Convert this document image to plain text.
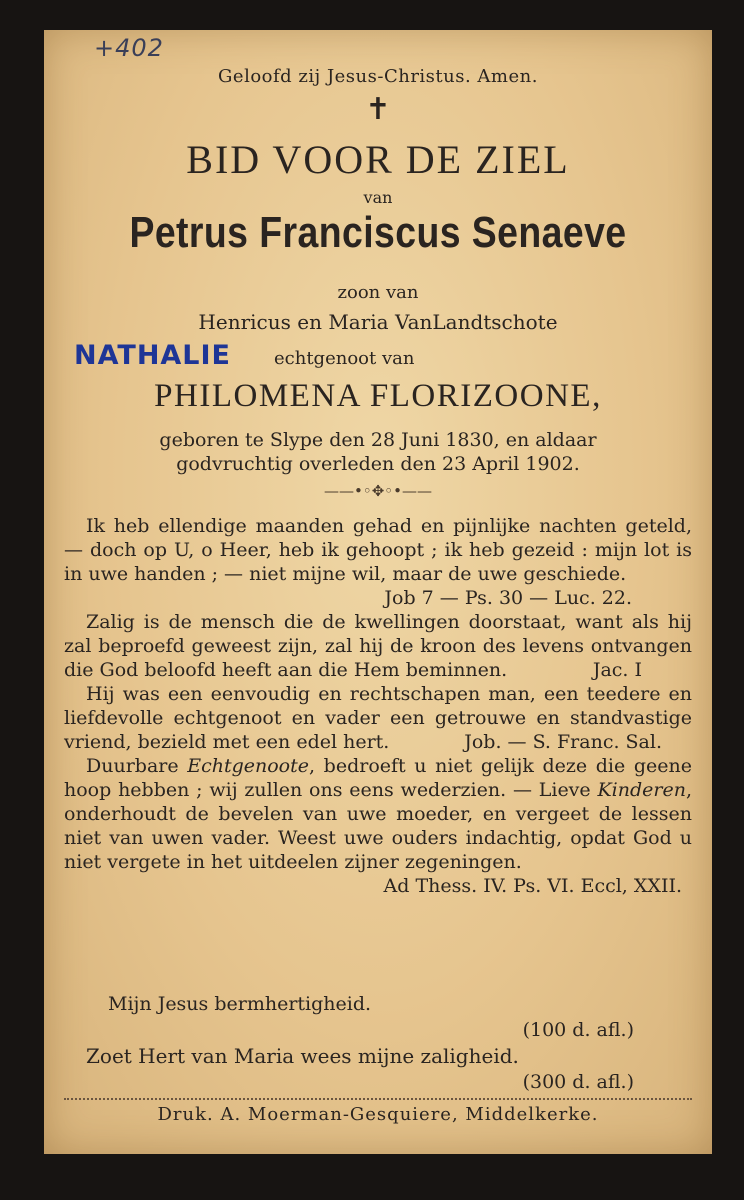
+402
Geloofd zij Jesus-Christus. Amen.
✝
BID VOOR DE ZIEL
van
Petrus Franciscus Senaeve
zoon van
Henricus en Maria VanLandtschote
NATHALIE echtgenoot van
PHILOMENA FLORIZOONE,
geboren te Slype den 28 Juni 1830, en aldaar
godvruchtig overleden den 23 April 1902.
——•◦✥◦•——

Ik heb ellendige maanden gehad en pijnlijke nachten geteld, — doch op U, o Heer, heb ik gehoopt ; ik heb gezeid : mijn lot is in uwe handen ; — niet mijne wil, maar de uwe geschiede.

Job 7 — Ps. 30 — Luc. 22.

Zalig is de mensch die de kwellingen doorstaat, want als hij zal beproefd geweest zijn, zal hij de kroon des levens ontvangen die God beloofd heeft aan die Hem beminnen.	Jac. I

Hij was een eenvoudig en rechtschapen man, een teedere en liefdevolle echtgenoot en vader een getrouwe en standvastige vriend, bezield met een edel hert.	Job. — S. Franc. Sal.

Duurbare Echtgenoote, bedroeft u niet gelijk deze die geene hoop hebben ; wij zullen ons eens wederzien. — Lieve Kinderen, onderhoudt de bevelen van uwe moeder, en vergeet de lessen niet van uwen vader. Weest uwe ouders indachtig, opdat God u niet vergete in het uitdeelen zijner zegeningen.

Ad Thess. IV. Ps. VI. Eccl, XXII.

Mijn Jesus bermhertigheid.
(100 d. afl.)
Zoet Hert van Maria wees mijne zaligheid.
(300 d. afl.)
Druk. A. Moerman-Gesquiere, Middelkerke.
